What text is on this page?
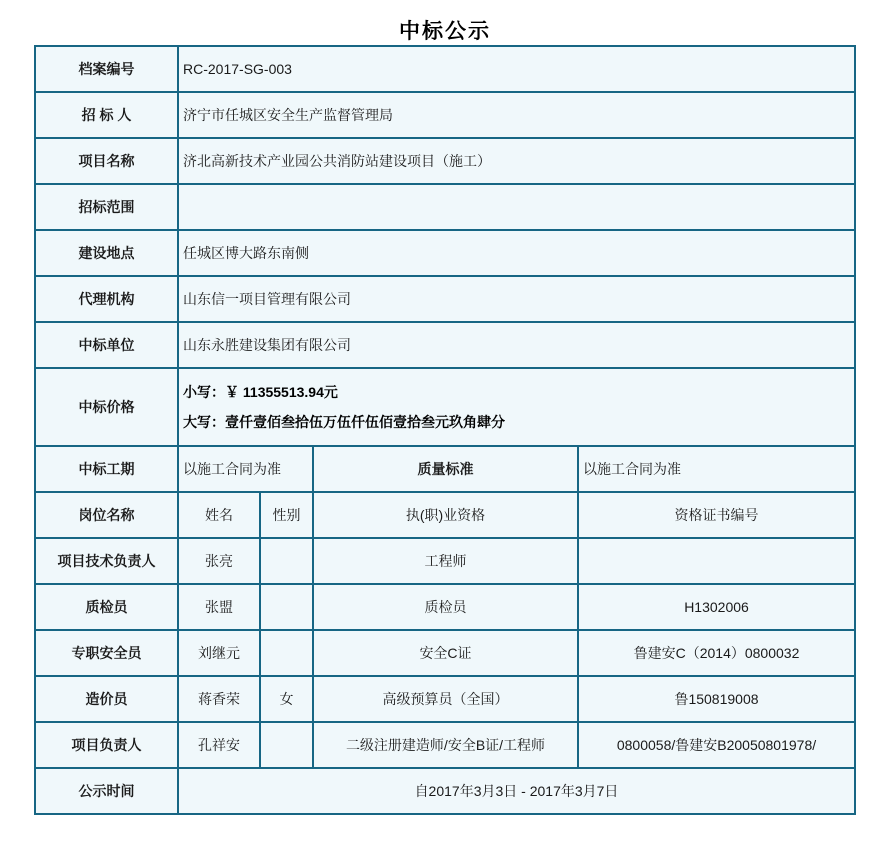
中标公示
档案编号	RC-2017-SG-003			
招 标 人	济宁市任城区安全生产监督管理局			
项目名称	济北高新技术产业园公共消防站建设项目（施工）			
招标范围				
建设地点	任城区博大路东南侧			
代理机构	山东信一项目管理有限公司			
中标单位	山东永胜建设集团有限公司			
中标价格	小写：￥ 11355513.94元
大写：壹仟壹佰叁拾伍万伍仟伍佰壹拾叁元玖角肆分			

中标工期	以施工合同为准		质量标准	以施工合同为准
岗位名称	姓名	性别	执(职)业资格	资格证书编号
项目技术负责人	张亮		工程师	
质检员	张盟		质检员	H1302006
专职安全员	刘继元		安全C证	鲁建安C（2014）0800032
造价员	蒋香荣	女	高级预算员（全国）	鲁150819008
项目负责人	孔祥安		二级注册建造师/安全B证/工程师	0800058/鲁建安B20050801978/
公示时间	自2017年3月3日 - 2017年3月7日			
